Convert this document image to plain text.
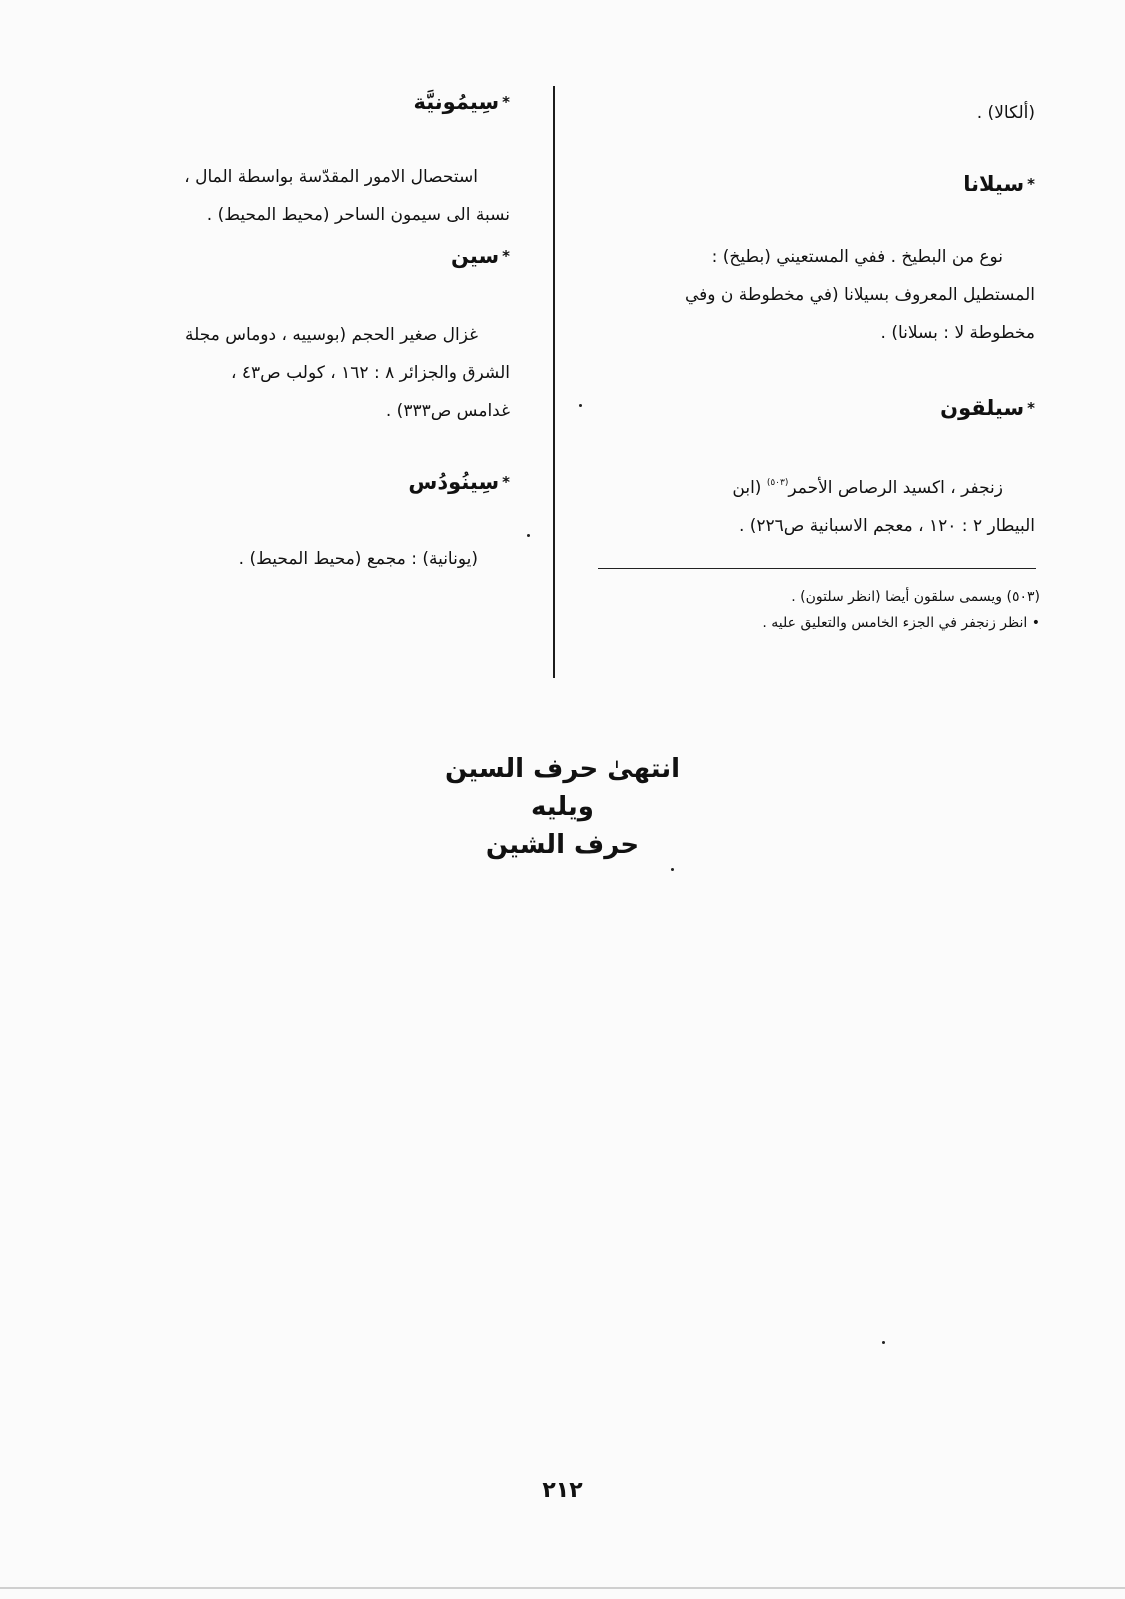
(ألكالا) .
*سيلانا
نوع من البطيخ . ففي المستعيني (بطيخ) :
المستطيل المعروف بسيلانا (في مخطوطة ن وفي
مخطوطة لا : بسلانا) .
*سيلقون
زنجفر ، اكسيد الرصاص الأحمر$^{(٥٠٣)}$ (ابن
البيطار ٢ : ١٢٠ ، معجم الاسبانية ص٢٢٦) .
(٥٠٣) ويسمى سلقون أيضا (انظر سلتون) .
• انظر زنجفر في الجزء الخامس والتعليق عليه .
*سِيمُونيَّة
استحصال الامور المقدّسة بواسطة المال ،
نسبة الى سيمون الساحر (محيط المحيط) .
*سين
غزال صغير الحجم (بوسييه ، دوماس مجلة
الشرق والجزائر ٨ : ١٦٢ ، كولب ص٤٣ ،
غدامس ص٣٣٣) .
*سِينُودُس
(يونانية) : مجمع (محيط المحيط) .
انتهىٰ حرف السين
ويليه
حرف الشين
٢١٢
